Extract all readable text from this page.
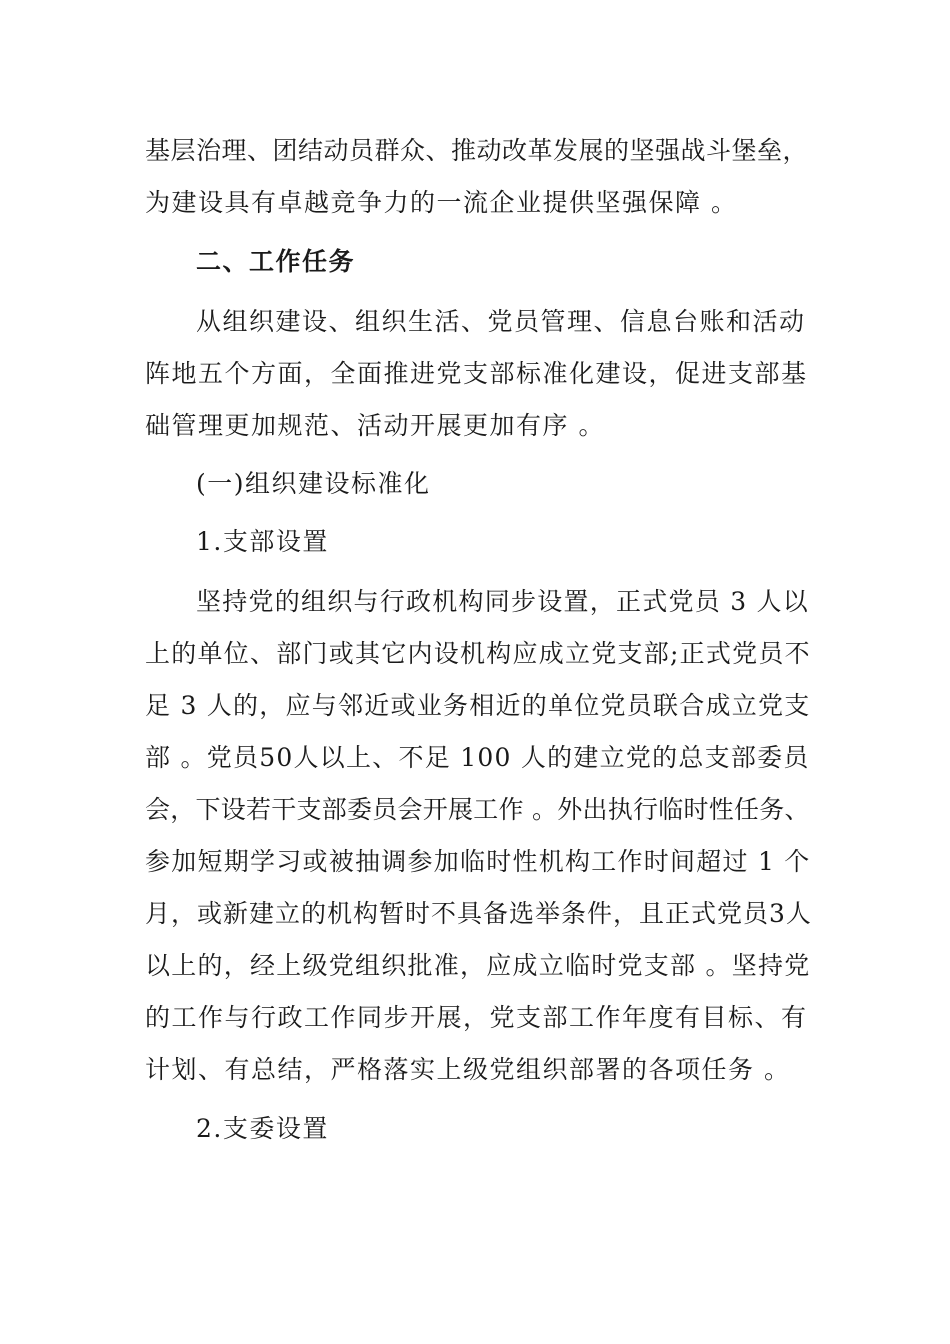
基层治理、团结动员群众、推动改革发展的坚强战斗堡垒，
为建设具有卓越竞争力的一流企业提供坚强保障 。
二、工作任务
从组织建设、组织生活、党员管理、信息台账和活动
阵地五个方面，全面推进党支部标准化建设，促进支部基
础管理更加规范、活动开展更加有序 。
(一)组织建设标准化
1.支部设置
坚持党的组织与行政机构同步设置，正式党员 3 人以
上的单位、部门或其它内设机构应成立党支部;正式党员不
足 3 人的，应与邻近或业务相近的单位党员联合成立党支
部 。党员50人以上、不足 100 人的建立党的总支部委员
会，下设若干支部委员会开展工作 。外出执行临时性任务、
参加短期学习或被抽调参加临时性机构工作时间超过 1 个
月，或新建立的机构暂时不具备选举条件，且正式党员3人
以上的，经上级党组织批准，应成立临时党支部 。坚持党
的工作与行政工作同步开展，党支部工作年度有目标、有
计划、有总结，严格落实上级党组织部署的各项任务 。
2.支委设置
